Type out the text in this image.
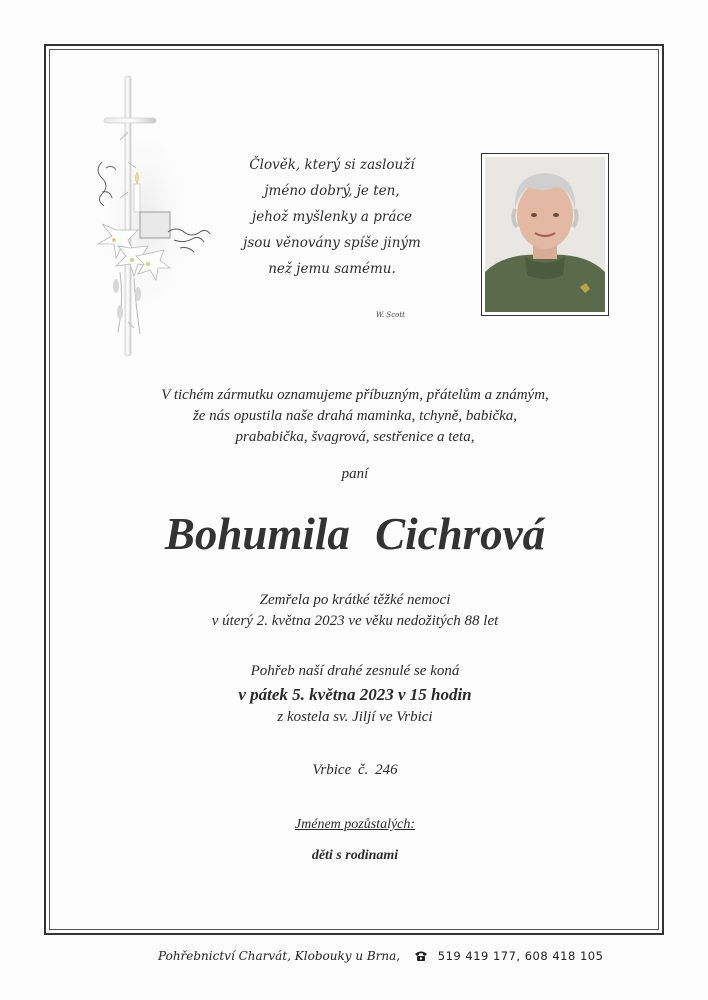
Člověk, který si zaslouží
jméno dobrý, je ten,
jehož myšlenky a práce
jsou věnovány spíše jiným
než jemu samému.
W. Scott
V tichém zármutku oznamujeme příbuzným, přátelům a známým,
že nás opustila naše drahá maminka, tchyně, babička,
prababička, švagrová, sestřenice a teta,
paní
Bohumila Cichrová
Zemřela po krátké těžké nemoci
v úterý 2. května 2023 ve věku nedožitých 88 let
Pohřeb naší drahé zesnulé se koná
v pátek 5. května 2023 v 15 hodin
z kostela sv. Jiljí ve Vrbici
Vrbice č. 246
Jménem pozůstalých:
děti s rodinami
Pohřebnictví Charvát, Klobouky u Brna,	519 419 177, 608 418 105
